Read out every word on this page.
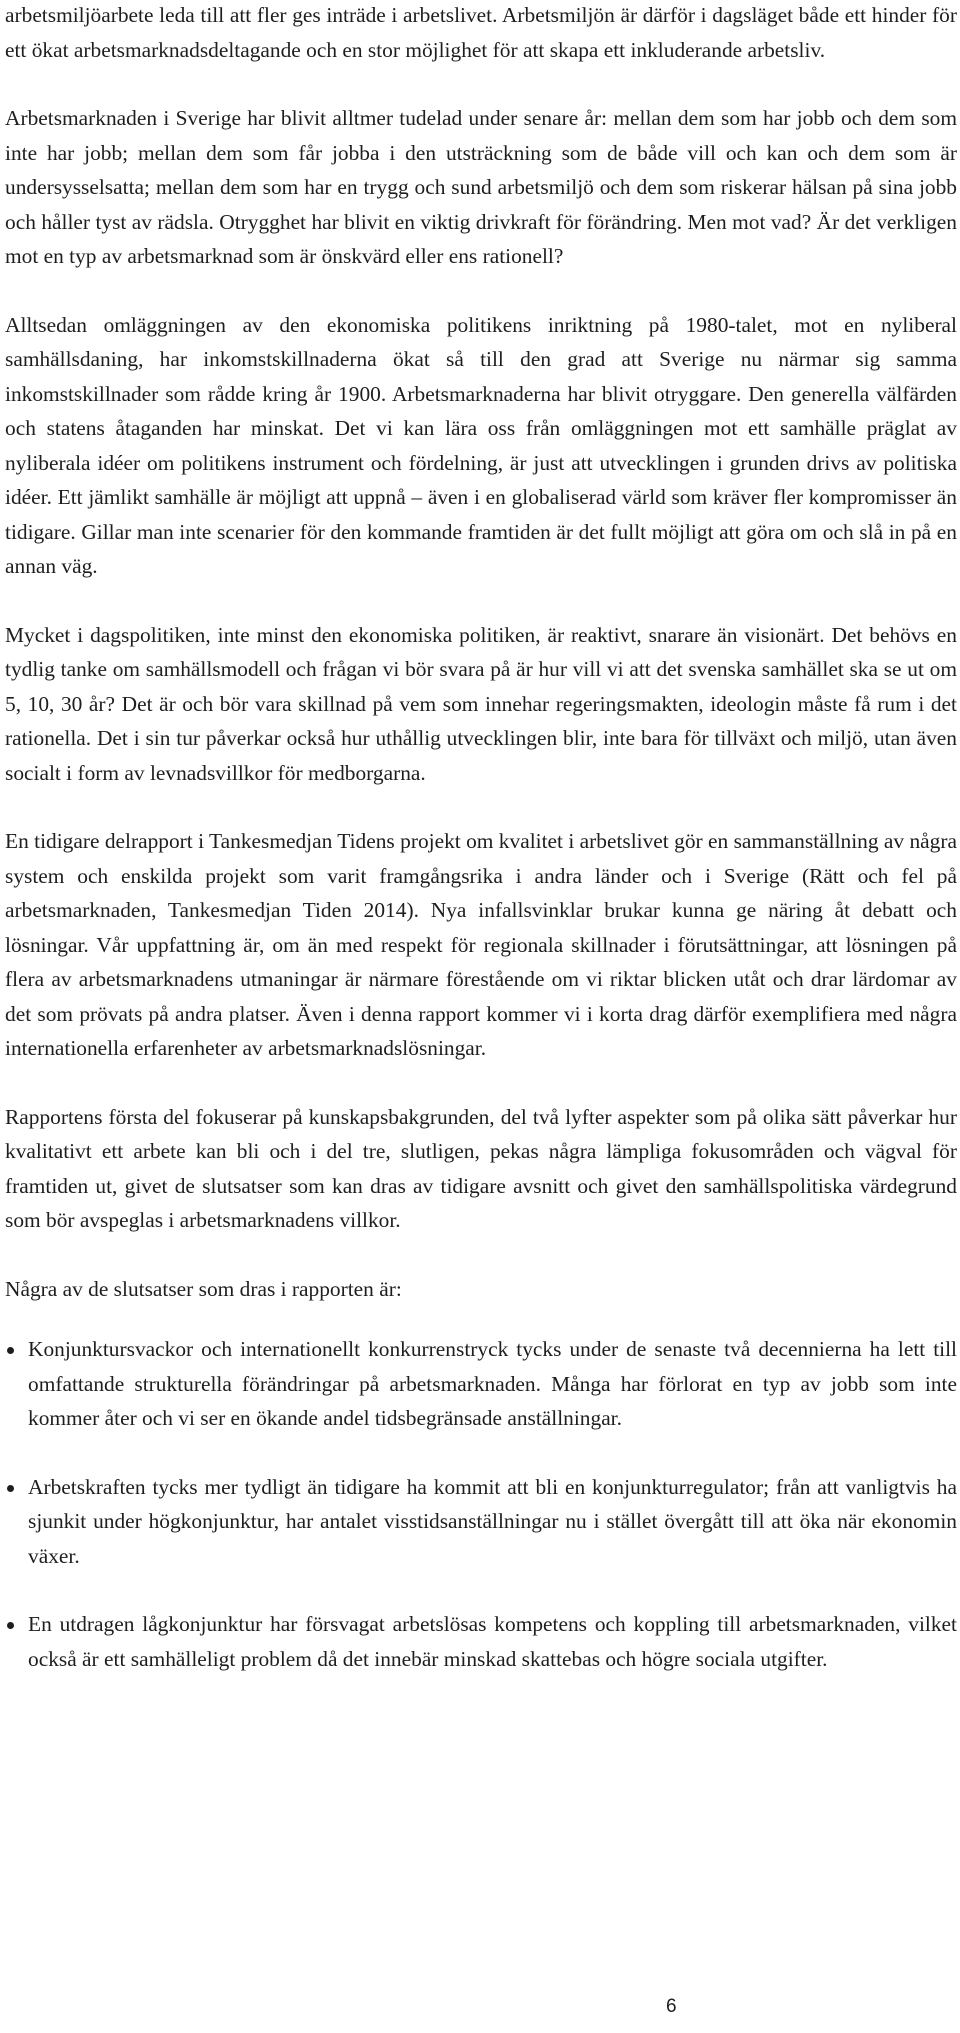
arbetsmiljöarbete leda till att fler ges inträde i arbetslivet. Arbetsmiljön är därför i dagsläget både ett hinder för ett ökat arbetsmarknadsdeltagande och en stor möjlighet för att skapa ett inkluderande arbetsliv.

Arbetsmarknaden i Sverige har blivit alltmer tudelad under senare år: mellan dem som har jobb och dem som inte har jobb; mellan dem som får jobba i den utsträckning som de både vill och kan och dem som är undersysselsatta; mellan dem som har en trygg och sund arbetsmiljö och dem som riskerar hälsan på sina jobb och håller tyst av rädsla. Otrygghet har blivit en viktig drivkraft för förändring. Men mot vad? Är det verkligen mot en typ av arbetsmarknad som är önskvärd eller ens rationell?

Alltsedan omläggningen av den ekonomiska politikens inriktning på 1980-talet, mot en nyliberal samhällsdaning, har inkomstskillnaderna ökat så till den grad att Sverige nu närmar sig samma inkomstskillnader som rådde kring år 1900. Arbetsmarknaderna har blivit otryggare. Den generella välfärden och statens åtaganden har minskat. Det vi kan lära oss från omläggningen mot ett samhälle präglat av nyliberala idéer om politikens instrument och fördelning, är just att utvecklingen i grunden drivs av politiska idéer. Ett jämlikt samhälle är möjligt att uppnå – även i en globaliserad värld som kräver fler kompromisser än tidigare. Gillar man inte scenarier för den kommande framtiden är det fullt möjligt att göra om och slå in på en annan väg.

Mycket i dagspolitiken, inte minst den ekonomiska politiken, är reaktivt, snarare än visionärt. Det behövs en tydlig tanke om samhällsmodell och frågan vi bör svara på är hur vill vi att det svenska samhället ska se ut om 5, 10, 30 år? Det är och bör vara skillnad på vem som innehar regeringsmakten, ideologin måste få rum i det rationella. Det i sin tur påverkar också hur uthållig utvecklingen blir, inte bara för tillväxt och miljö, utan även socialt i form av levnadsvillkor för medborgarna.

En tidigare delrapport i Tankesmedjan Tidens projekt om kvalitet i arbetslivet gör en sammanställning av några system och enskilda projekt som varit framgångsrika i andra länder och i Sverige (Rätt och fel på arbetsmarknaden, Tankesmedjan Tiden 2014). Nya infallsvinklar brukar kunna ge näring åt debatt och lösningar. Vår uppfattning är, om än med respekt för regionala skillnader i förutsättningar, att lösningen på flera av arbetsmarknadens utmaningar är närmare förestående om vi riktar blicken utåt och drar lärdomar av det som prövats på andra platser. Även i denna rapport kommer vi i korta drag därför exemplifiera med några internationella erfarenheter av arbetsmarknadslösningar.

Rapportens första del fokuserar på kunskapsbakgrunden, del två lyfter aspekter som på olika sätt påverkar hur kvalitativt ett arbete kan bli och i del tre, slutligen, pekas några lämpliga fokusområden och vägval för framtiden ut, givet de slutsatser som kan dras av tidigare avsnitt och givet den samhällspolitiska värdegrund som bör avspeglas i arbetsmarknadens villkor.

Några av de slutsatser som dras i rapporten är:

Konjunktursvackor och internationellt konkurrenstryck tycks under de senaste två decennierna ha lett till omfattande strukturella förändringar på arbetsmarknaden. Många har förlorat en typ av jobb som inte kommer åter och vi ser en ökande andel tidsbegränsade anställningar.
Arbetskraften tycks mer tydligt än tidigare ha kommit att bli en konjunkturregulator; från att vanligtvis ha sjunkit under högkonjunktur, har antalet visstidsanställningar nu i stället övergått till att öka när ekonomin växer.
En utdragen lågkonjunktur har försvagat arbetslösas kompetens och koppling till arbetsmarknaden, vilket också är ett samhälleligt problem då det innebär minskad skattebas och högre sociala utgifter.
6
